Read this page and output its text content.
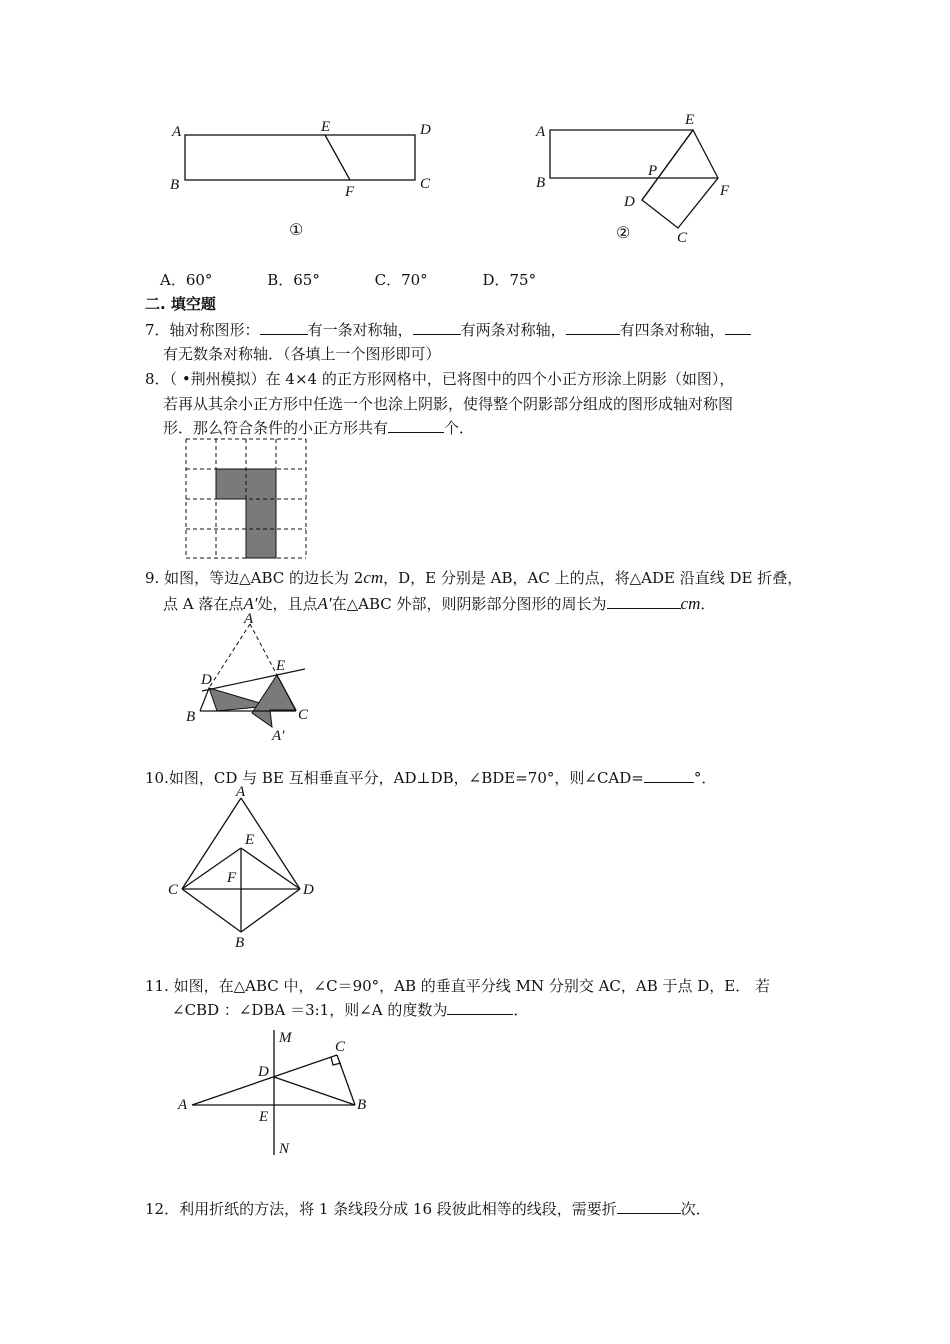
A
B
E	D
F	C
①
A
B
E
P
F
D
C
②
A．60°	B．65°	C．70°	D．75°
二. 填空题
7．轴对称图形：	有一条对称轴，	有两条对称轴，	有四条对称轴，
有无数条对称轴．（各填上一个图形即可）
8．（ •荆州模拟）在 4×4 的正方形网格中，已将图中的四个小正方形涂上阴影（如图），
若再从其余小正方形中任选一个也涂上阴影，使得整个阴影部分组成的图形成轴对称图
形．那么符合条件的小正方形共有	个．
9. 如图，等边△ABC 的边长为 2cm，D，E 分别是 AB，AC 上的点，将△ADE 沿直线 DE 折叠，
点 A 落在点A′处，且点A′在△ABC 外部，则阴影部分图形的周长为	cm．
A
D
E
B	C
A′
10.如图，CD 与 BE 互相垂直平分，AD⊥DB，∠BDE=70°，则∠CAD=	°．
A
E
F
C	D
B
11. 如图，在△ABC 中，∠C＝90°，AB 的垂直平分线 MN 分别交 AC，AB 于点 D，E． 若
∠CBD ：∠DBA ＝3:1，则∠A 的度数为	．
M
C
D
A	B
E
N
12．利用折纸的方法，将 1 条线段分成 16 段彼此相等的线段，需要折	次．
